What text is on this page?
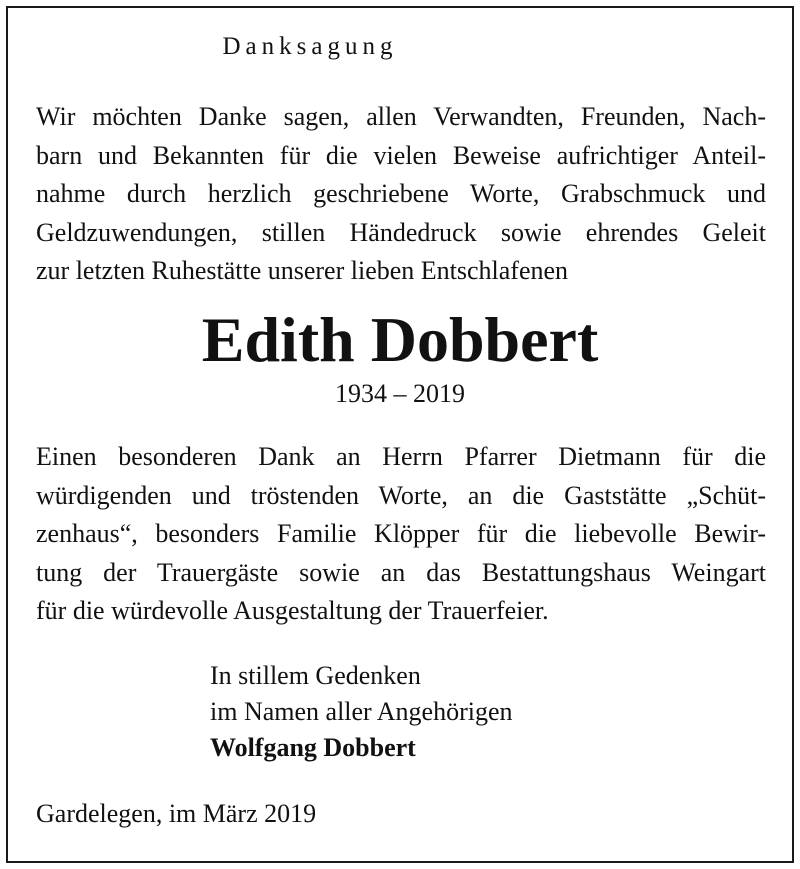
Danksagung
Wir möchten Danke sagen, allen Verwandten, Freunden, Nach-
barn und Bekannten für die vielen Beweise aufrichtiger Anteil-
nahme durch herzlich geschriebene Worte, Grabschmuck und
Geldzuwendungen, stillen Händedruck sowie ehrendes Geleit
zur letzten Ruhestätte unserer lieben Entschlafenen
Edith Dobbert
1934 – 2019
Einen besonderen Dank an Herrn Pfarrer Dietmann für die
würdigenden und tröstenden Worte, an die Gaststätte „Schüt-
zenhaus“, besonders Familie Klöpper für die liebevolle Bewir-
tung der Trauergäste sowie an das Bestattungshaus Weingart
für die würdevolle Ausgestaltung der Trauerfeier.
In stillem Gedenken
im Namen aller Angehörigen
Wolfgang Dobbert
Gardelegen, im März 2019
